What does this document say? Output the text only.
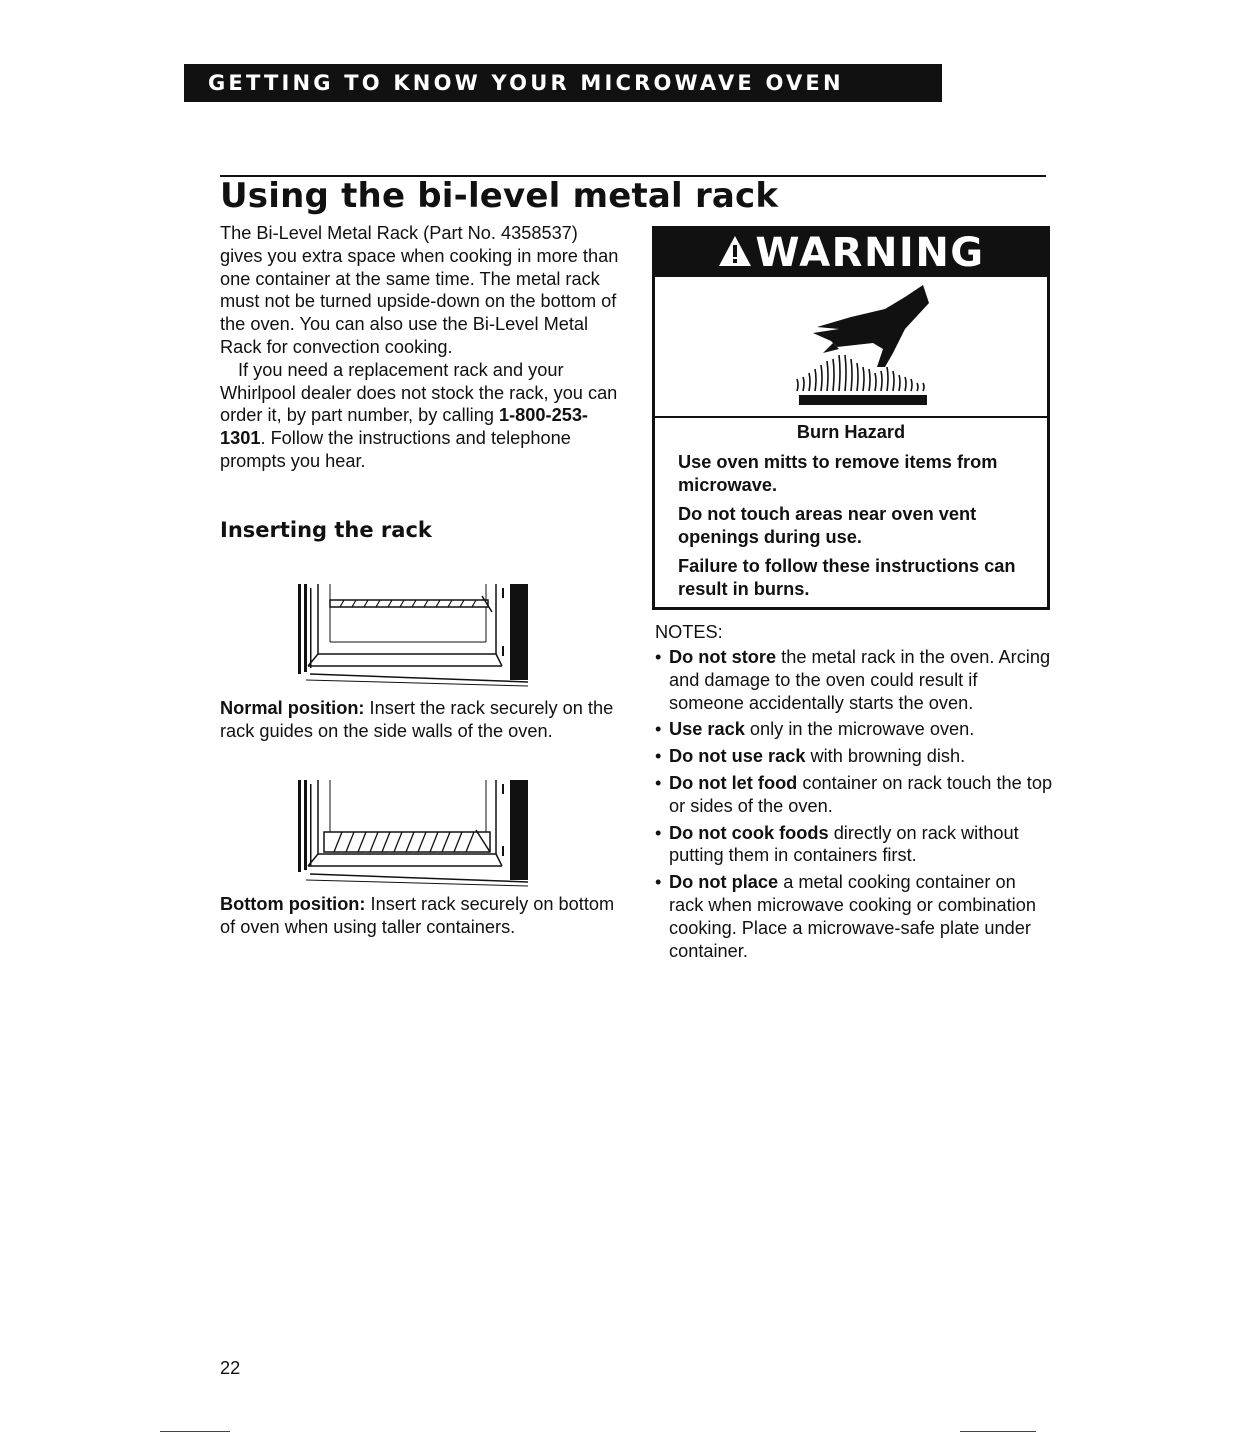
GETTING TO KNOW YOUR MICROWAVE OVEN
Using the bi-level metal rack

The Bi-Level Metal Rack (Part No. 4358537) gives you extra space when cooking in more than one container at the same time. The metal rack must not be turned upside-down on the bottom of the oven. You can also use the Bi-Level Metal Rack for convection cooking.

If you need a replacement rack and your Whirlpool dealer does not stock the rack, you can order it, by part number, by calling 1-800-253-1301. Follow the instructions and telephone prompts you hear.

Inserting the rack
Normal position: Insert the rack securely on the rack guides on the side walls of the oven.
Bottom position: Insert rack securely on bottom of oven when using taller containers.
WARNING
Burn Hazard
Use oven mitts to remove items from microwave.
Do not touch areas near oven vent openings during use.
Failure to follow these instructions can result in burns.
NOTES:
• Do not store the metal rack in the oven. Arcing and damage to the oven could result if someone accidentally starts the oven.
• Use rack only in the microwave oven.
• Do not use rack with browning dish.
• Do not let food container on rack touch the top or sides of the oven.
• Do not cook foods directly on rack without putting them in containers first.
• Do not place a metal cooking container on rack when microwave cooking or combination cooking. Place a microwave-safe plate under container.
22
